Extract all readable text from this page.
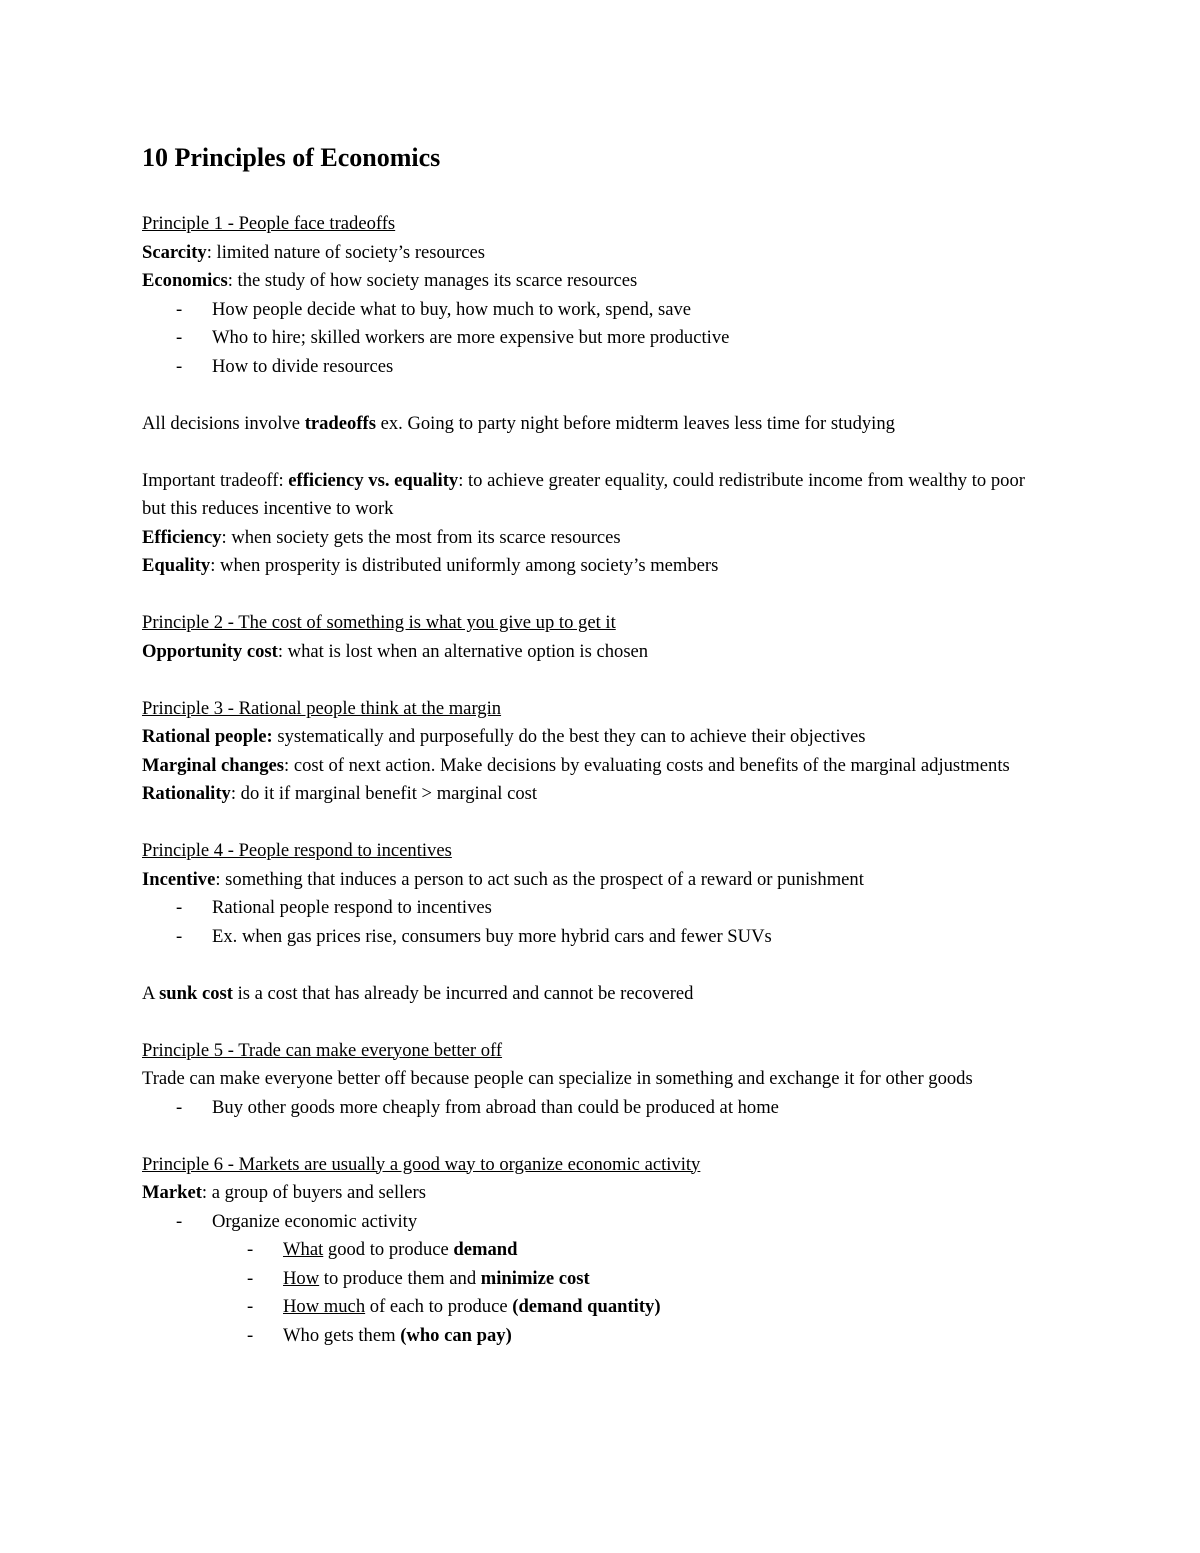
10 Principles of Economics

Principle 1 - People face tradeoffs

Scarcity: limited nature of society’s resources

Economics: the study of how society manages its scarce resources

- How people decide what to buy, how much to work, spend, save

- Who to hire; skilled workers are more expensive but more productive

- How to divide resources

All decisions involve tradeoffs ex. Going to party night before midterm leaves less time for studying

Important tradeoff: efficiency vs. equality: to achieve greater equality, could redistribute income from wealthy to poor but this reduces incentive to work

Efficiency: when society gets the most from its scarce resources

Equality: when prosperity is distributed uniformly among society’s members

Principle 2 - The cost of something is what you give up to get it

Opportunity cost: what is lost when an alternative option is chosen

Principle 3 - Rational people think at the margin

Rational people: systematically and purposefully do the best they can to achieve their objectives

Marginal changes: cost of next action. Make decisions by evaluating costs and benefits of the marginal adjustments

Rationality: do it if marginal benefit > marginal cost

Principle 4 - People respond to incentives

Incentive: something that induces a person to act such as the prospect of a reward or punishment

- Rational people respond to incentives

- Ex. when gas prices rise, consumers buy more hybrid cars and fewer SUVs

A sunk cost is a cost that has already be incurred and cannot be recovered

Principle 5 - Trade can make everyone better off

Trade can make everyone better off because people can specialize in something and exchange it for other goods

- Buy other goods more cheaply from abroad than could be produced at home

Principle 6 - Markets are usually a good way to organize economic activity

Market: a group of buyers and sellers

- Organize economic activity

- What good to produce demand

- How to produce them and minimize cost

- How much of each to produce (demand quantity)

- Who gets them (who can pay)
